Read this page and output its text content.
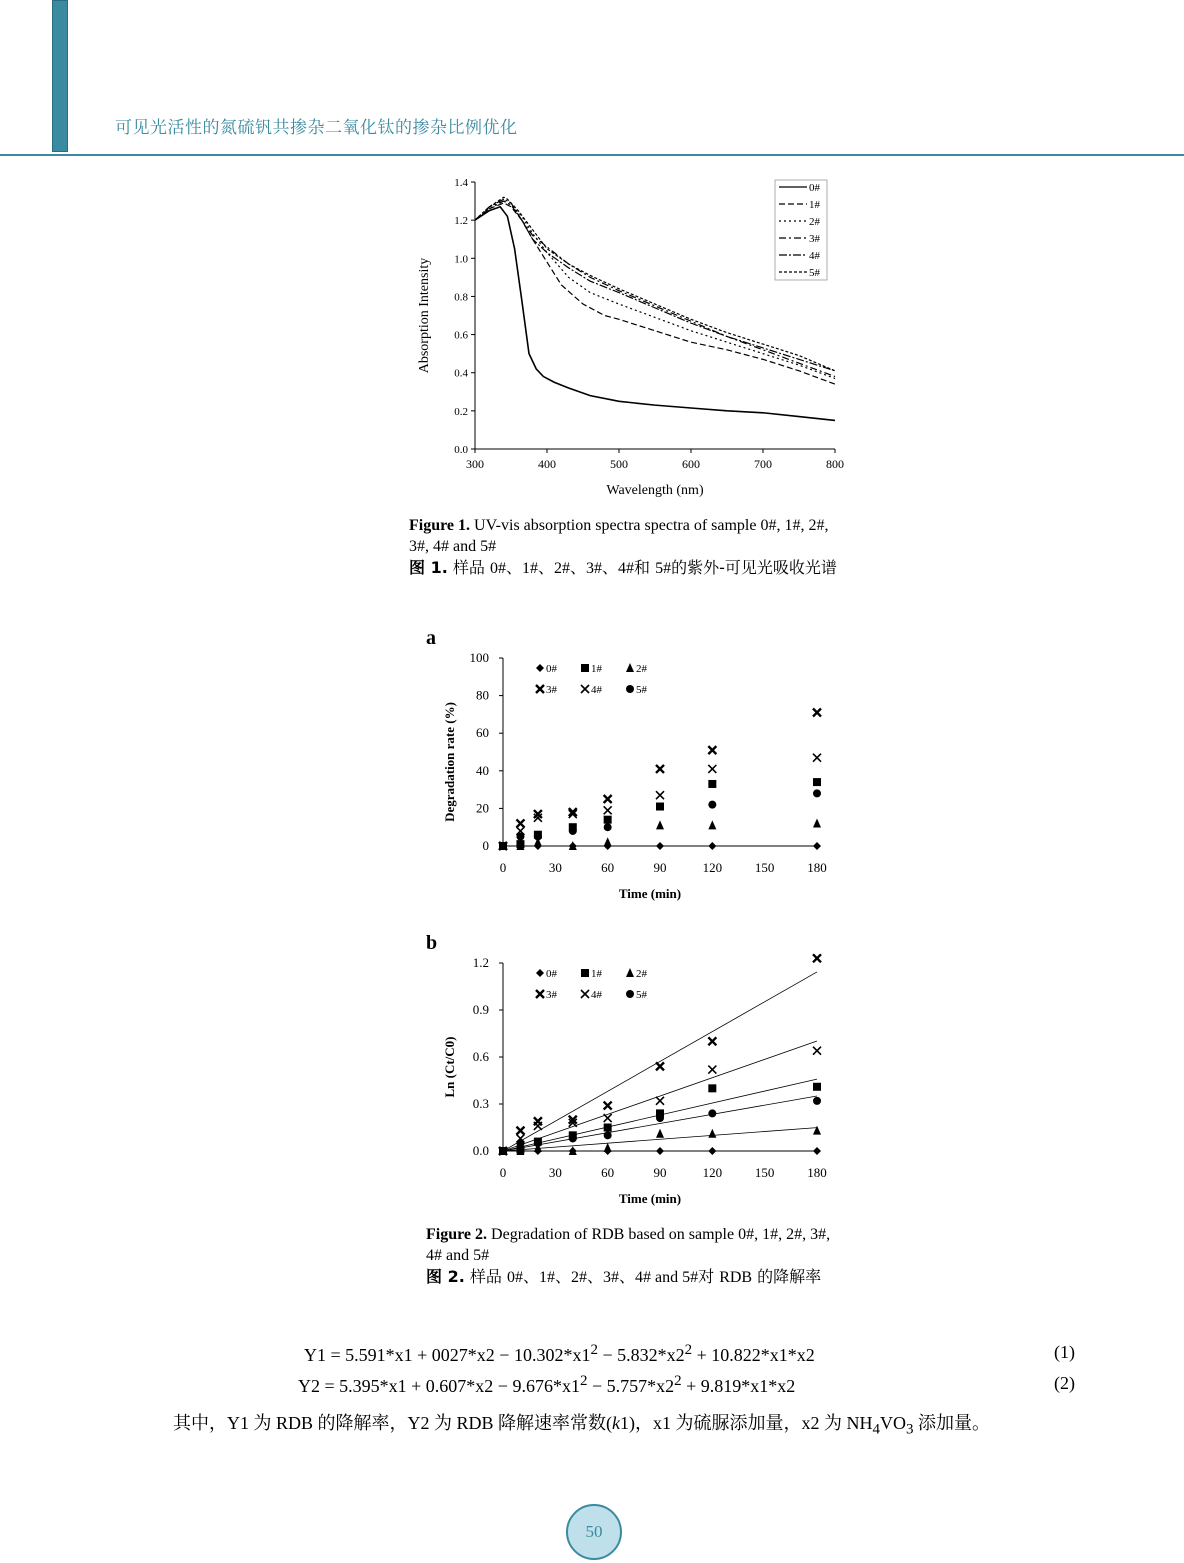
可见光活性的氮硫钒共掺杂二氧化钛的掺杂比例优化
300	400	500	600	700	800
0.0
0.2
0.4
0.6
0.8
1.0
1.2
1.4
Wavelength (nm)
Absorption Intensity
0#
1#
2#
3#
4#
5#
Figure 1. UV-vis absorption spectra spectra of sample 0#, 1#, 2#, 3#, 4# and 5#
图 1. 样品 0#、1#、2#、3#、4#和 5#的紫外-可见光吸收光谱
a
0	30	60	90	120	150	180
0
20
40
60
80
100
Time (min)
Degradation rate (%)
0#	1#	2#
3#	4#	5#
b
0	30	60	90	120	150	180
0.0
0.3
0.6
0.9
1.2
Time (min)
Ln (Ct/C0)
0#	1#	2#
3#	4#	5#
Figure 2. Degradation of RDB based on sample 0#, 1#, 2#, 3#, 4# and 5#
图 2. 样品 0#、1#、2#、3#、4# and 5#对 RDB 的降解率
$Y1 = 5.591*x1 + 0027*x2 - 10.302*x1^2 - 5.832*x2^2 + 10.822*x1*x2$	(1)
$Y2 = 5.395*x1 + 0.607*x2 - 9.676*x1^2 - 5.757*x2^2 + 9.819*x1*x2$	(2)
其中，Y1 为 RDB 的降解率，Y2 为 RDB 降解速率常数(k1)，x1 为硫脲添加量，x2 为 $NH_4VO_3$ 添加量。
50
